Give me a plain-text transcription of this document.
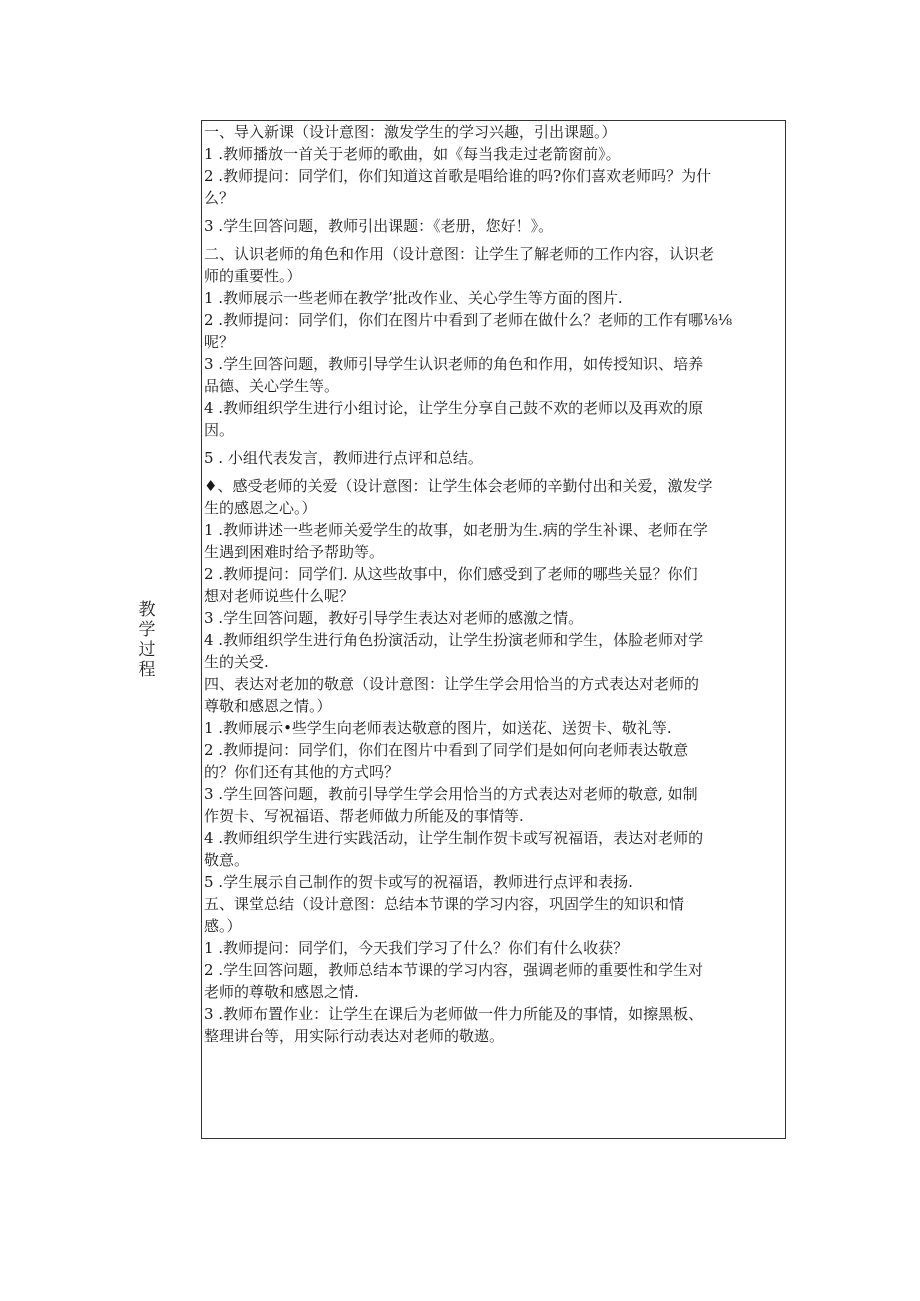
教
学
过
程
一、导入新课（设计意图：激发学生的学习兴趣，引出课题。）
1 .教师播放一首关于老师的歌曲，如《每当我走过老箭窗前》。
2 .教师提问：同学们，你们知道这首歌是唱给谁的吗?你们喜欢老师吗？为什
么？
3 .学生回答问题，教师引出课题：《老册，您好！》。
二、认识老师的角色和作用（设计意图：让学生了解老师的工作内容，认识老
师的重要性。）
1 .教师展示一些老师在教学’批改作业、关心学生等方面的图片.
2 .教师提问：同学们，你们在图片中看到了老师在做什么？老师的工作有哪⅛⅛
呢？
3 .学生回答问题，教师引导学生认识老师的角色和作用，如传授知识、培养
品德、关心学生等。
4 .教师组织学生进行小组讨论，让学生分享自己鼓不欢的老师以及再欢的原
因。
5 . 小组代表发言，教师进行点评和总结。
♦、感受老师的关爱（设计意图：让学生体会老师的辛勤付出和关爱，激发学
生的感恩之心。）
1 .教师讲述一些老师关爱学生的故事，如老册为生.病的学生补课、老师在学
生遇到困难时给予帮助等。
2 .教师提问：同学们. 从这些故事中，你们感受到了老师的哪些关显？你们
想对老师说些什么呢？
3 .学生回答问题，教好引导学生表达对老师的感激之情。
4 .教师组织学生进行角色扮演活动，让学生扮演老师和学生，体脸老师对学
生的关受.
四、表达对老加的敬意（设计意图：让学生学会用恰当的方式表达对老师的
尊敬和感恩之情。）
1 .教师展示•些学生向老师表达敬意的图片，如送花、送贺卡、敬礼等.
2 .教师提问：同学们，你们在图片中看到了同学们是如何向老师表达敬意
的？你们还有其他的方式吗？
3 .学生回答问题，教前引导学生学会用恰当的方式表达对老师的敬意, 如制
作贺卡、写祝福语、帮老师做力所能及的事情等.
4 .教师组织学生进行实践活动，让学生制作贺卡或写祝福语，表达对老师的
敬意。
5 .学生展示自己制作的贺卡或写的祝福语，教师进行点评和表扬.
五、课堂总结（设计意图：总结本节课的学习内容，巩固学生的知识和情
感。）
1 .教师提问：同学们，今天我们学习了什么？你们有什么收获？
2 .学生回答问题，教师总结本节课的学习内容，强调老师的重要性和学生对
老师的尊敬和感恩之情.
3 .教师布置作业：让学生在课后为老师做一件力所能及的事情，如擦黑板、
整理讲台等，用实际行动表达对老师的敬遨。
